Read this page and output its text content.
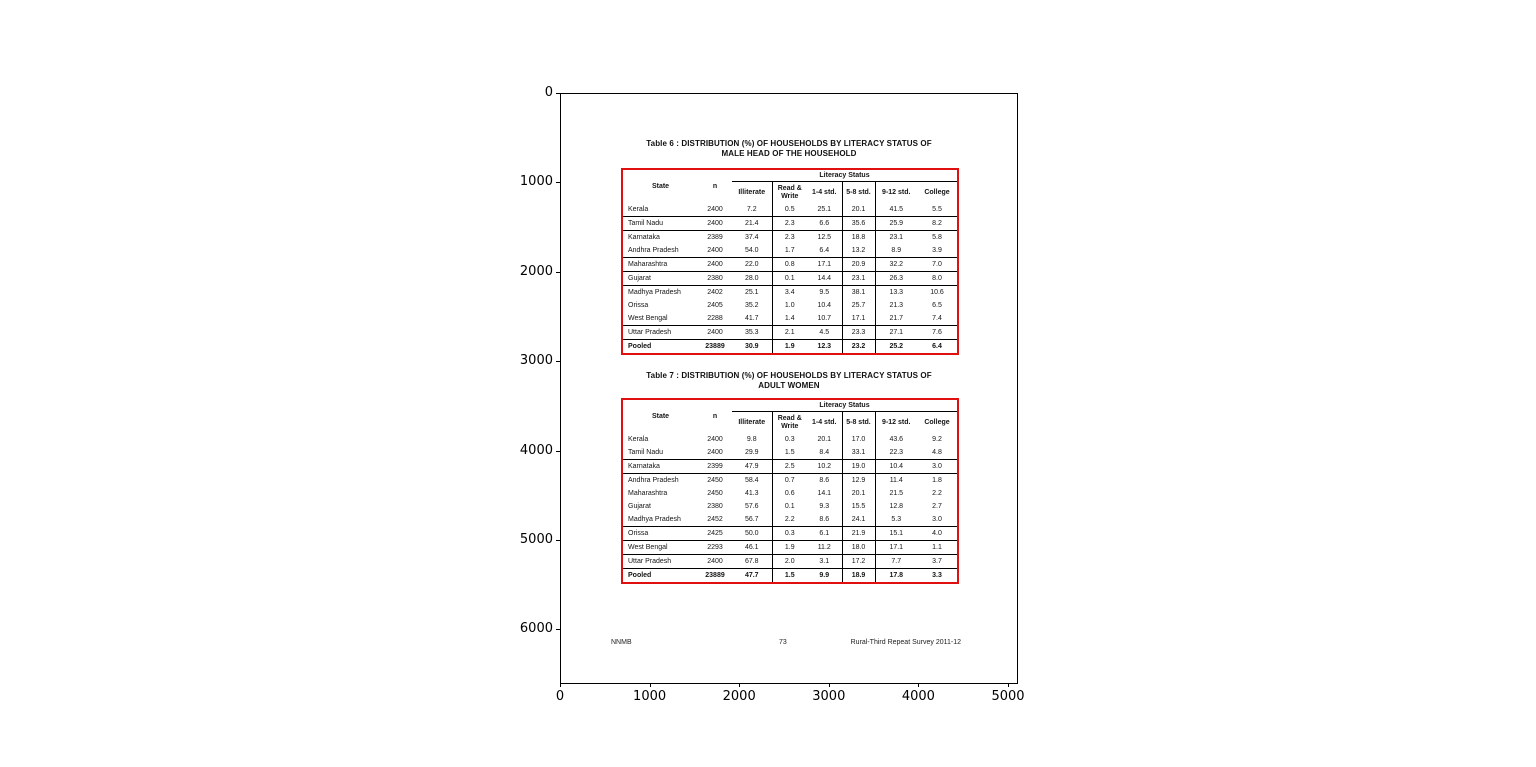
0
1000
2000
3000
4000
5000
6000
0	1000	2000	3000	4000	5000
Table 6 : DISTRIBUTION (%) OF HOUSEHOLDS BY LITERACY STATUS OF
MALE HEAD OF THE HOUSEHOLD
State	n	Literacy Status					
		Illiterate	Read &
Write	1-4 std.	5-8 std.	9-12 std.	College
Kerala	2400	7.2	0.5	25.1	20.1	41.5	5.5
Tamil Nadu	2400	21.4	2.3	6.6	35.6	25.9	8.2
Karnataka	2389	37.4	2.3	12.5	18.8	23.1	5.8
Andhra Pradesh	2400	54.0	1.7	6.4	13.2	8.9	3.9
Maharashtra	2400	22.0	0.8	17.1	20.9	32.2	7.0
Gujarat	2380	28.0	0.1	14.4	23.1	26.3	8.0
Madhya Pradesh	2402	25.1	3.4	9.5	38.1	13.3	10.6
Orissa	2405	35.2	1.0	10.4	25.7	21.3	6.5
West Bengal	2288	41.7	1.4	10.7	17.1	21.7	7.4
Uttar Pradesh	2400	35.3	2.1	4.5	23.3	27.1	7.6
Pooled	23889	30.9	1.9	12.3	23.2	25.2	6.4
State	n	Literacy Status					
		Illiterate	Read &
Write	1-4 std.	5-8 std.	9-12 std.	College
Kerala	2400	9.8	0.3	20.1	17.0	43.6	9.2
Tamil Nadu	2400	29.9	1.5	8.4	33.1	22.3	4.8
Karnataka	2399	47.9	2.5	10.2	19.0	10.4	3.0
Andhra Pradesh	2450	58.4	0.7	8.6	12.9	11.4	1.8
Maharashtra	2450	41.3	0.6	14.1	20.1	21.5	2.2
Gujarat	2380	57.6	0.1	9.3	15.5	12.8	2.7
Madhya Pradesh	2452	56.7	2.2	8.6	24.1	5.3	3.0
Orissa	2425	50.0	0.3	6.1	21.9	15.1	4.0
West Bengal	2293	46.1	1.9	11.2	18.0	17.1	1.1
Uttar Pradesh	2400	67.8	2.0	3.1	17.2	7.7	3.7
Pooled	23889	47.7	1.5	9.9	18.9	17.8	3.3
Table 7 : DISTRIBUTION (%) OF HOUSEHOLDS BY LITERACY STATUS OF
ADULT WOMEN
NNMB	73	Rural-Third Repeat Survey 2011-12
